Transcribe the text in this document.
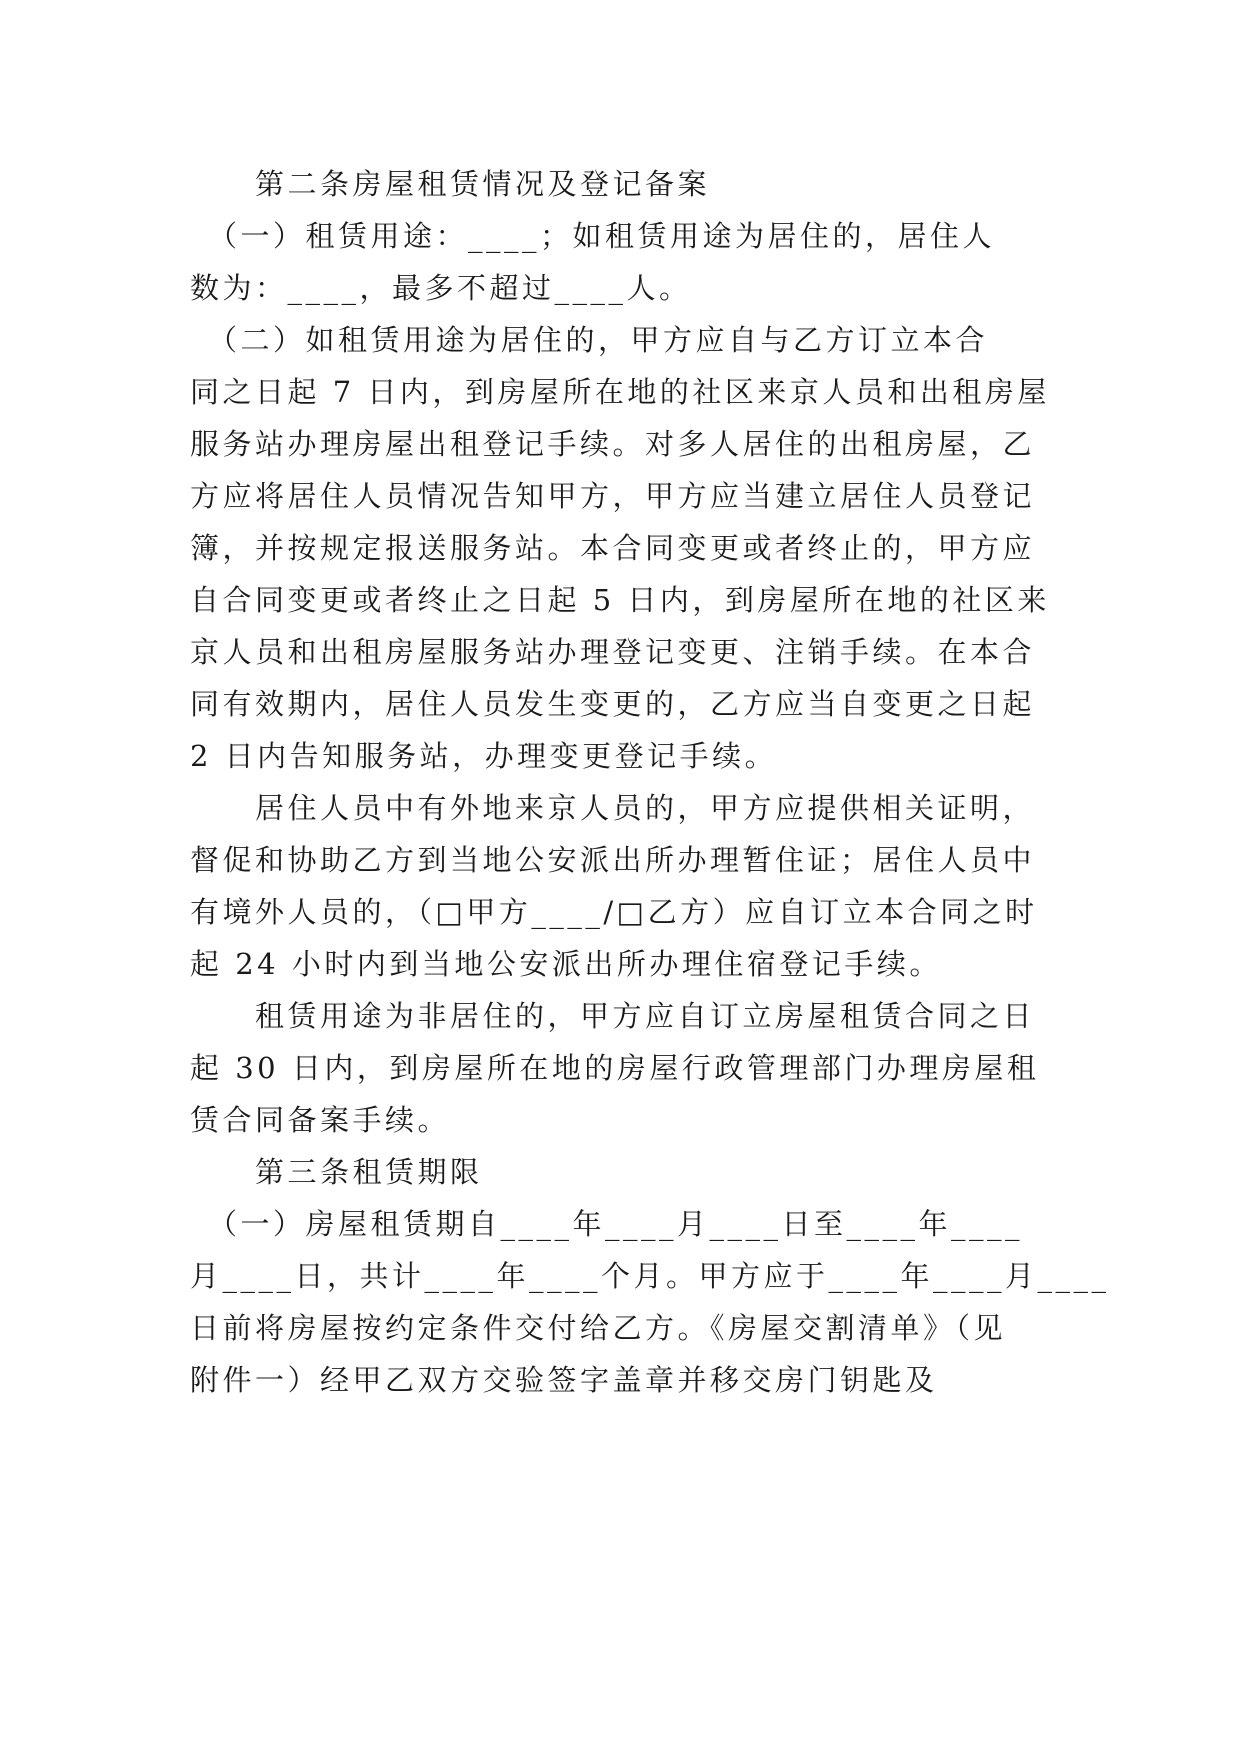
　　第二条房屋租赁情况及登记备案
　（一）租赁用途：____；如租赁用途为居住的，居住人
数为：____，最多不超过____人。
　（二）如租赁用途为居住的，甲方应自与乙方订立本合
同之日起 7 日内，到房屋所在地的社区来京人员和出租房屋
服务站办理房屋出租登记手续。对多人居住的出租房屋，乙
方应将居住人员情况告知甲方，甲方应当建立居住人员登记
簿，并按规定报送服务站。本合同变更或者终止的，甲方应
自合同变更或者终止之日起 5 日内，到房屋所在地的社区来
京人员和出租房屋服务站办理登记变更、注销手续。在本合
同有效期内，居住人员发生变更的，乙方应当自变更之日起
2 日内告知服务站，办理变更登记手续。
　　居住人员中有外地来京人员的，甲方应提供相关证明，
督促和协助乙方到当地公安派出所办理暂住证；居住人员中
有境外人员的，（□甲方____/□乙方）应自订立本合同之时
起 24 小时内到当地公安派出所办理住宿登记手续。
　　租赁用途为非居住的，甲方应自订立房屋租赁合同之日
起 30 日内，到房屋所在地的房屋行政管理部门办理房屋租
赁合同备案手续。
　　第三条租赁期限
　（一）房屋租赁期自____年____月____日至____年____
月____日，共计____年____个月。甲方应于____年____月____
日前将房屋按约定条件交付给乙方。《房屋交割清单》（见
附件一）经甲乙双方交验签字盖章并移交房门钥匙及
